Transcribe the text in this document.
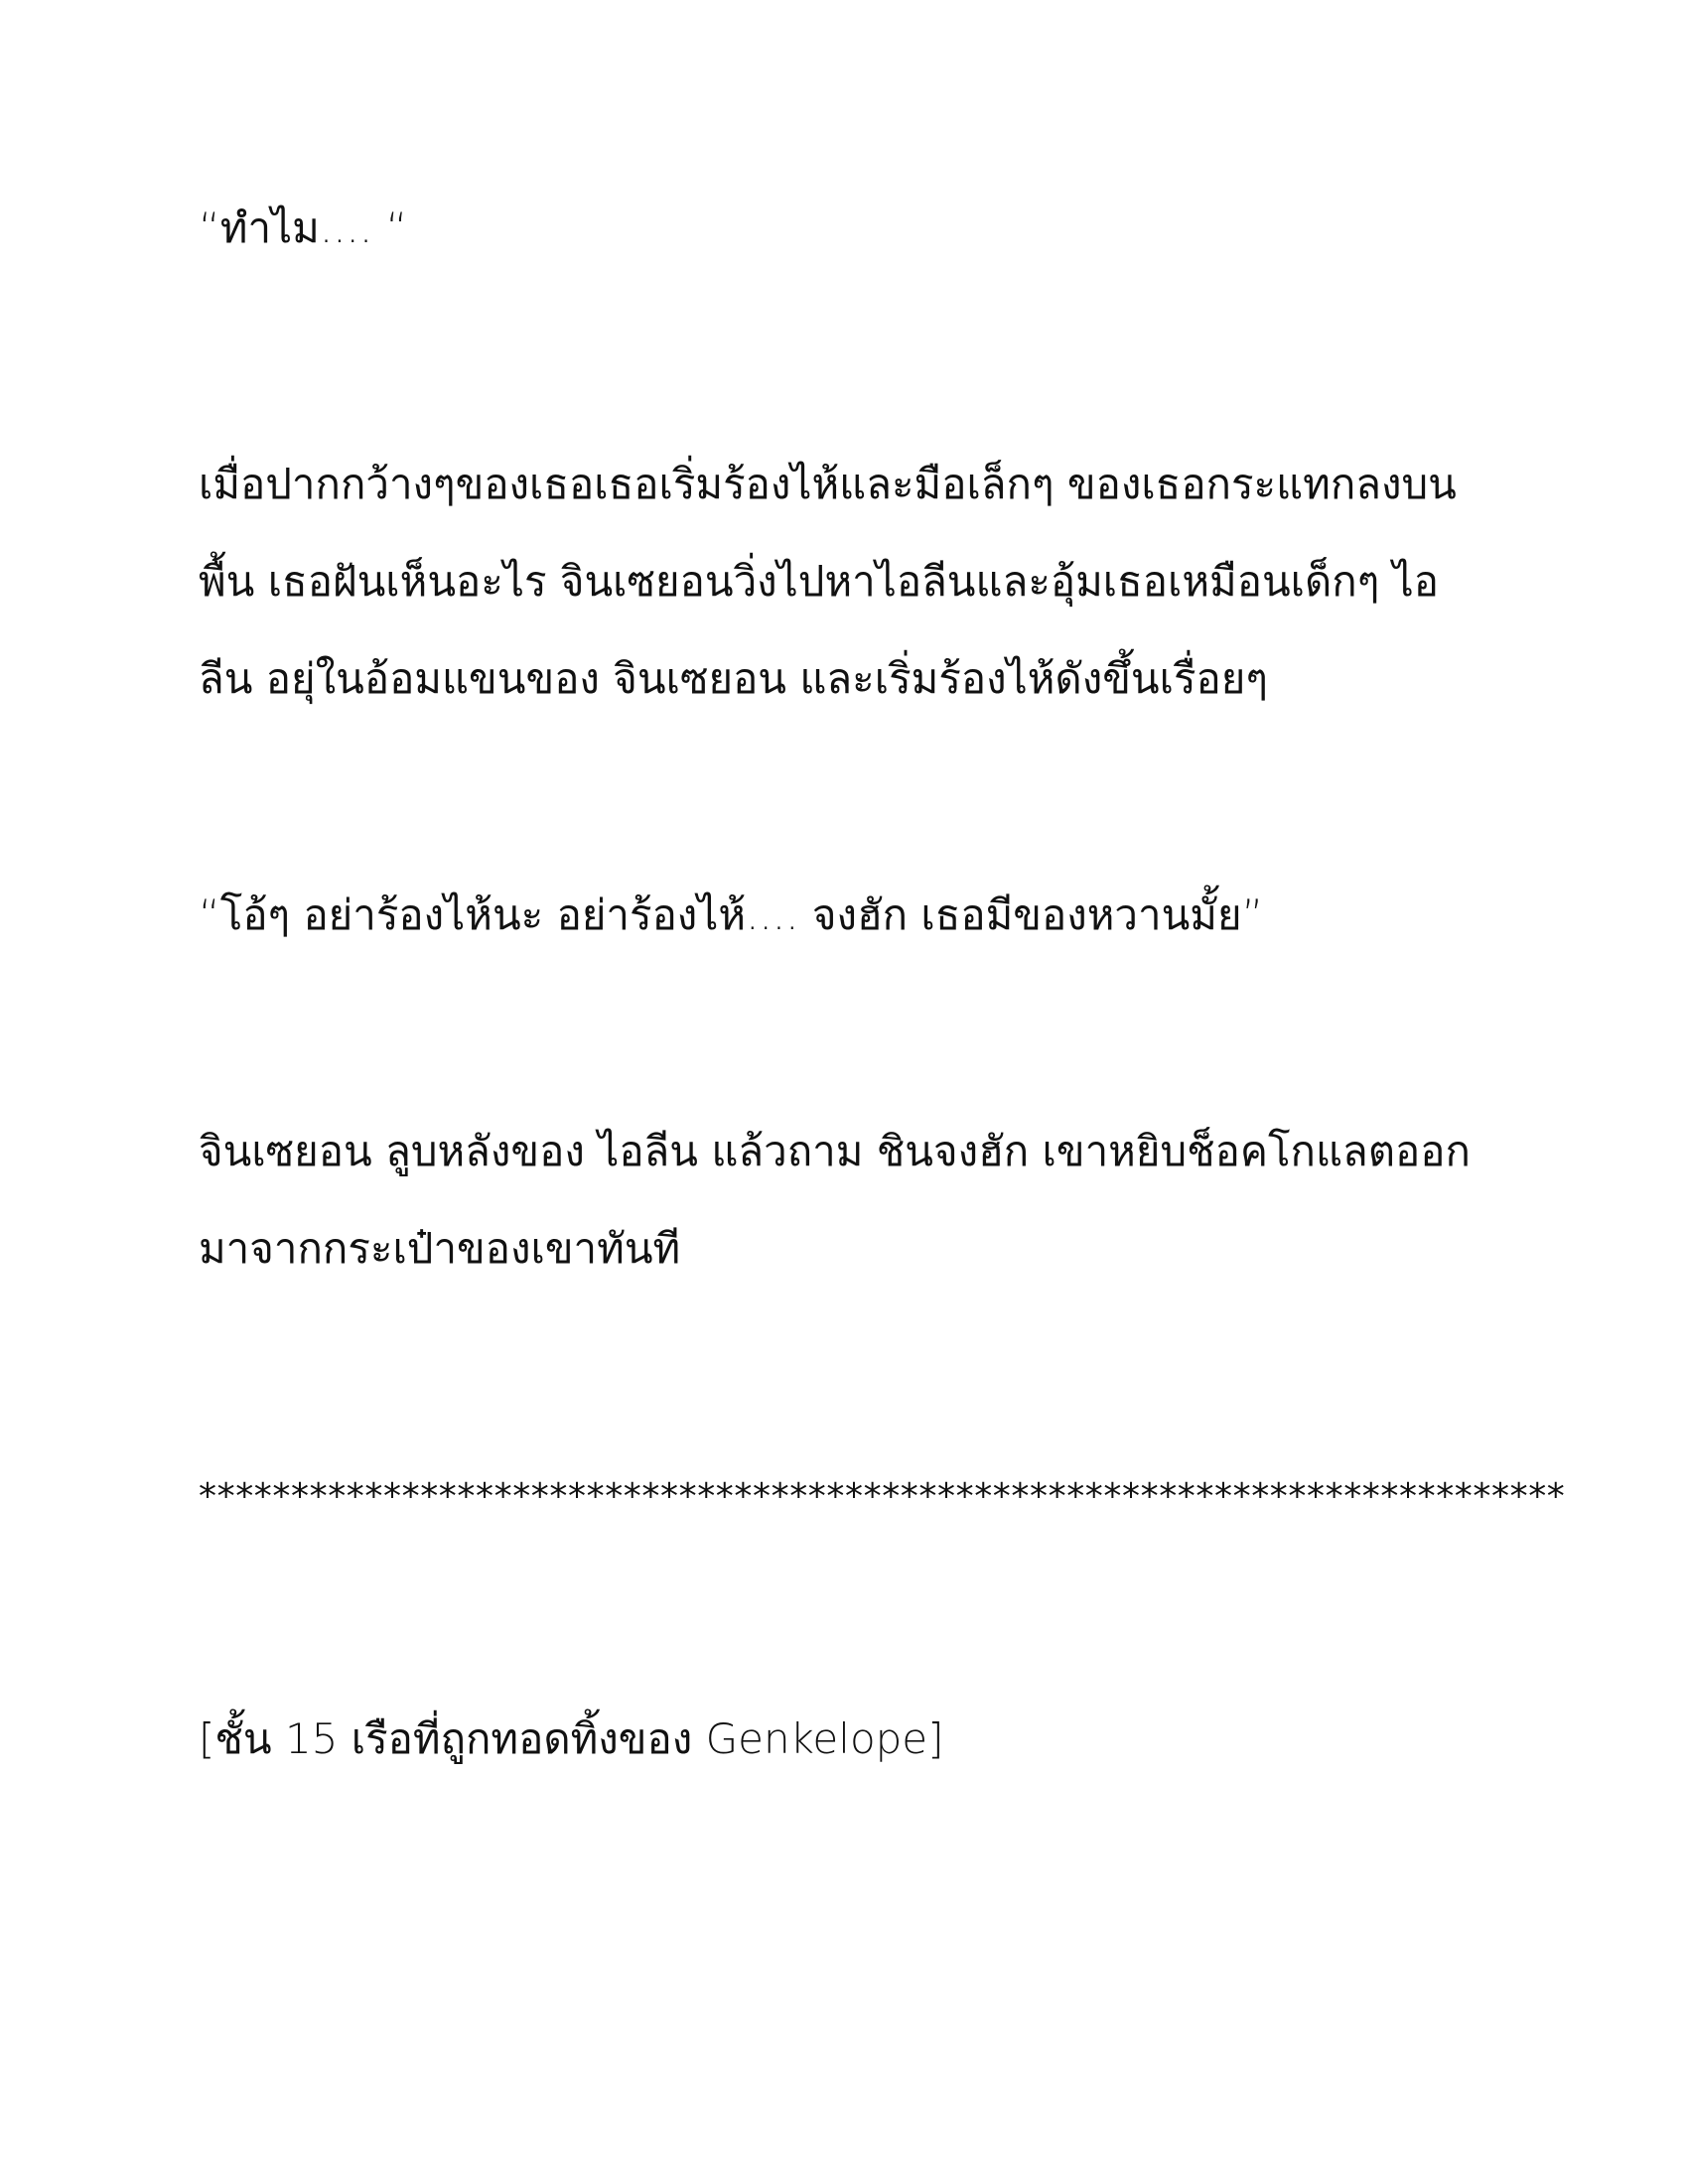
“ทำไม.... “
เมื่อปากกว้างๆของเธอเธอเริ่มร้องไห้และมือเล็กๆ ของเธอกระแทกลงบน
พื้น เธอฝันเห็นอะไร จินเซยอนวิ่งไปหาไอลีนและอุ้มเธอเหมือนเด็กๆ ไอ
ลีน อยุ่ในอ้อมแขนของ จินเซยอน และเริ่มร้องไห้ดังขึ้นเรื่อยๆ
“โอ้ๆ อย่าร้องไห้นะ อย่าร้องไห้.... จงฮัก เธอมีของหวานมั้ย”
จินเซยอน ลูบหลังของ ไอลีน แล้วถาม ชินจงฮัก เขาหยิบช็อคโกแลตออก
มาจากกระเป๋าของเขาทันที
**************************************************************************
[ชั้น 15 เรือที่ถูกทอดทิ้งของ Genkelope]
